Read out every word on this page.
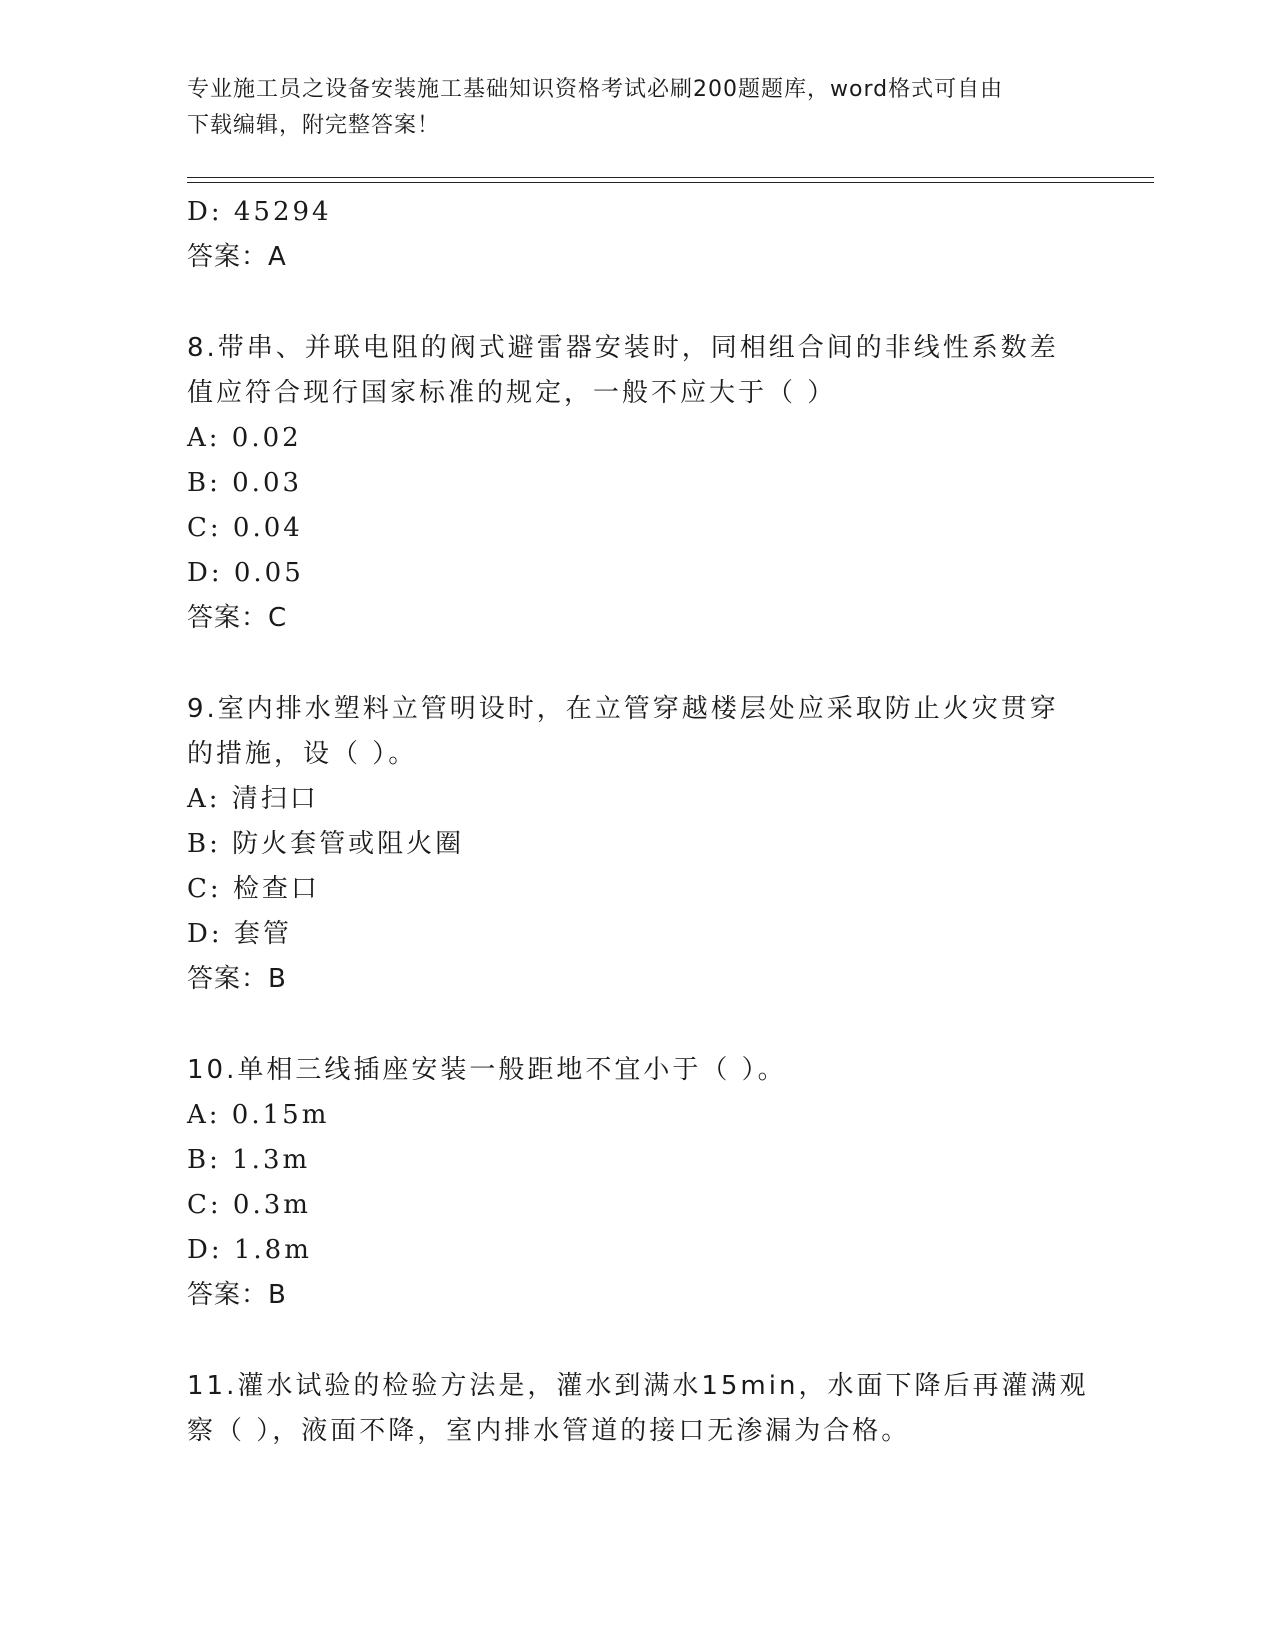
专业施工员之设备安装施工基础知识资格考试必刷200题题库，word格式可自由
下载编辑，附完整答案！
D: 45294
答案：A
8.带串、并联电阻的阀式避雷器安装时，同相组合间的非线性系数差
值应符合现行国家标准的规定，一般不应大于（ ）
A: 0.02
B: 0.03
C: 0.04
D: 0.05
答案：C
9.室内排水塑料立管明设时，在立管穿越楼层处应采取防止火灾贯穿
的措施，设（ ）。
A: 清扫口
B: 防火套管或阻火圈
C: 检查口
D: 套管
答案：B
10.单相三线插座安装一般距地不宜小于（ ）。
A: 0.15m
B: 1.3m
C: 0.3m
D: 1.8m
答案：B
11.灌水试验的检验方法是，灌水到满水15min，水面下降后再灌满观
察（ ），液面不降，室内排水管道的接口无渗漏为合格。
